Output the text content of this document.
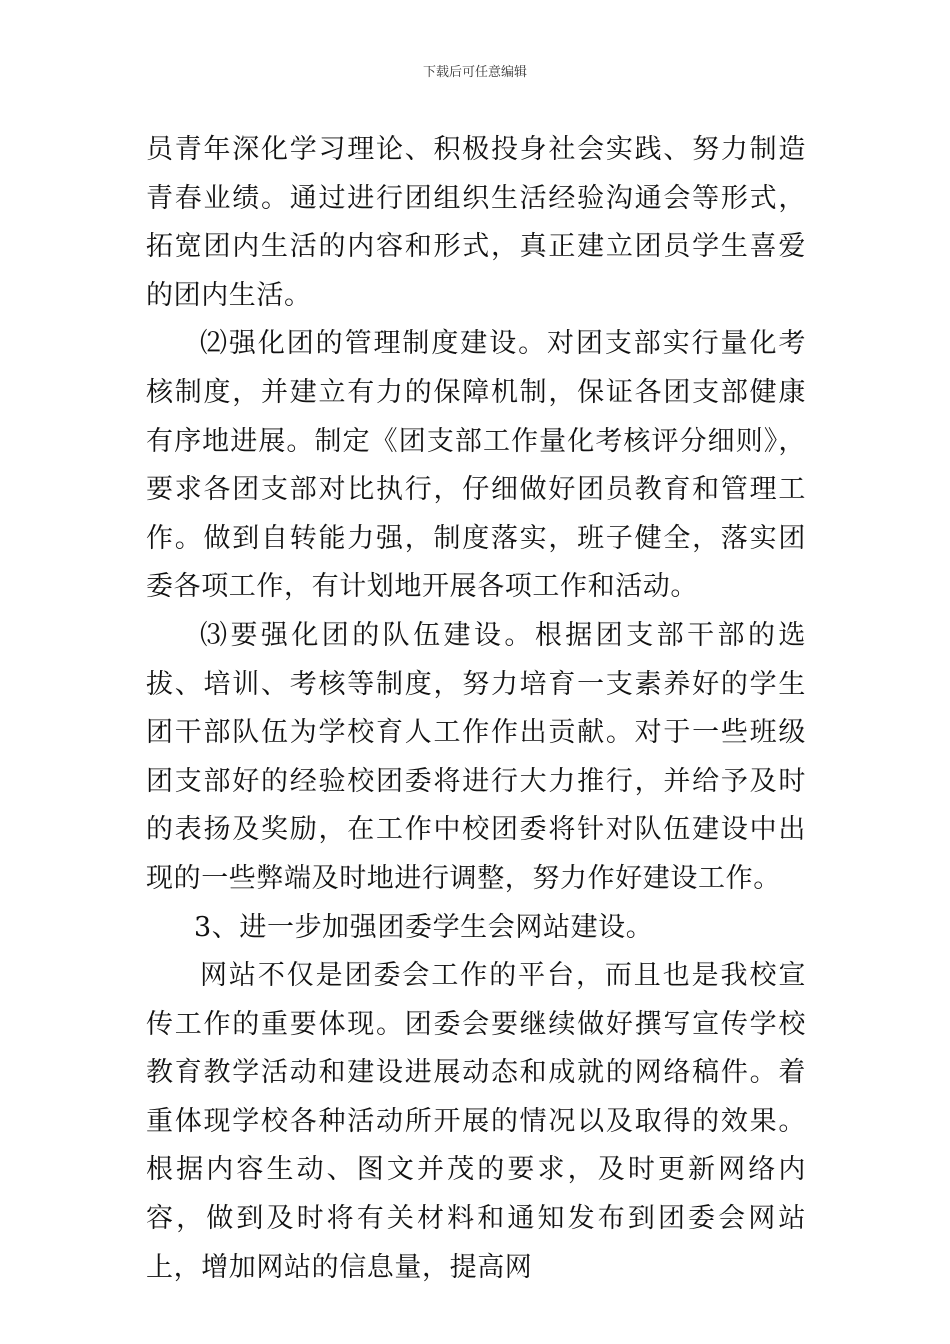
下载后可任意编辑

员青年深化学习理论、积极投身社会实践、努力制造青春业绩。通过进行团组织生活经验沟通会等形式，拓宽团内生活的内容和形式，真正建立团员学生喜爱的团内生活。

⑵强化团的管理制度建设。对团支部实行量化考核制度，并建立有力的保障机制，保证各团支部健康有序地进展。制定《团支部工作量化考核评分细则》，要求各团支部对比执行，仔细做好团员教育和管理工作。做到自转能力强，制度落实，班子健全，落实团委各项工作，有计划地开展各项工作和活动。

⑶要强化团的队伍建设。根据团支部干部的选拔、培训、考核等制度，努力培育一支素养好的学生团干部队伍为学校育人工作作出贡献。对于一些班级团支部好的经验校团委将进行大力推行，并给予及时的表扬及奖励，在工作中校团委将针对队伍建设中出现的一些弊端及时地进行调整，努力作好建设工作。

3、进一步加强团委学生会网站建设。

网站不仅是团委会工作的平台，而且也是我校宣传工作的重要体现。团委会要继续做好撰写宣传学校教育教学活动和建设进展动态和成就的网络稿件。着重体现学校各种活动所开展的情况以及取得的效果。根据内容生动、图文并茂的要求，及时更新网络内容，做到及时将有关材料和通知发布到团委会网站上，增加网站的信息量，提高网
